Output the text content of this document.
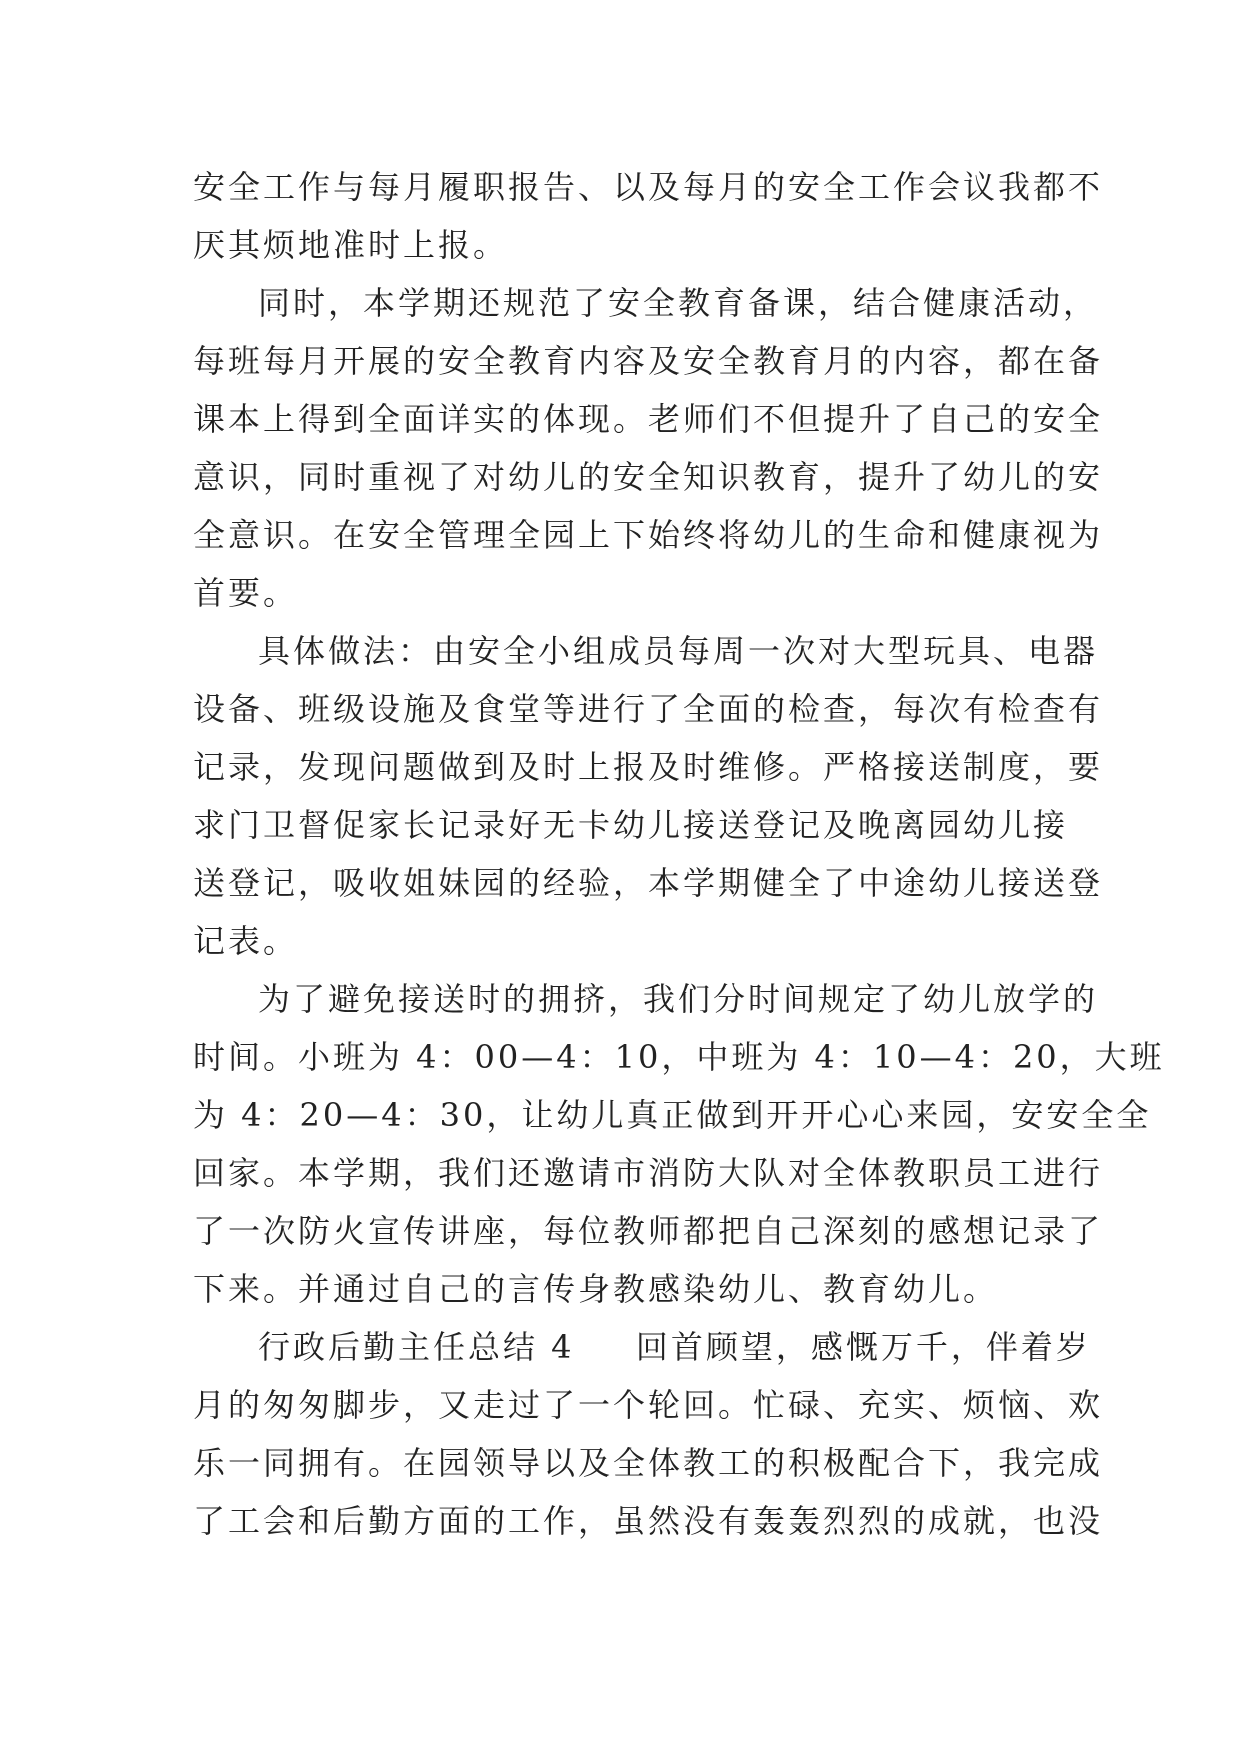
安全工作与每月履职报告、以及每月的安全工作会议我都不
厌其烦地准时上报。
同时，本学期还规范了安全教育备课，结合健康活动，
每班每月开展的安全教育内容及安全教育月的内容，都在备
课本上得到全面详实的体现。老师们不但提升了自己的安全
意识，同时重视了对幼儿的安全知识教育，提升了幼儿的安
全意识。在安全管理全园上下始终将幼儿的生命和健康视为
首要。
具体做法：由安全小组成员每周一次对大型玩具、电器
设备、班级设施及食堂等进行了全面的检查，每次有检查有
记录，发现问题做到及时上报及时维修。严格接送制度，要
求门卫督促家长记录好无卡幼儿接送登记及晚离园幼儿接
送登记，吸收姐妹园的经验，本学期健全了中途幼儿接送登
记表。
为了避免接送时的拥挤，我们分时间规定了幼儿放学的
时间。小班为 4：00—4：10，中班为 4：10—4：20，大班
为 4：20—4：30，让幼儿真正做到开开心心来园，安安全全
回家。本学期，我们还邀请市消防大队对全体教职员工进行
了一次防火宣传讲座，每位教师都把自己深刻的感想记录了
下来。并通过自己的言传身教感染幼儿、教育幼儿。
行政后勤主任总结 4 　 回首顾望，感慨万千，伴着岁
月的匆匆脚步，又走过了一个轮回。忙碌、充实、烦恼、欢
乐一同拥有。在园领导以及全体教工的积极配合下，我完成
了工会和后勤方面的工作，虽然没有轰轰烈烈的成就，也没
